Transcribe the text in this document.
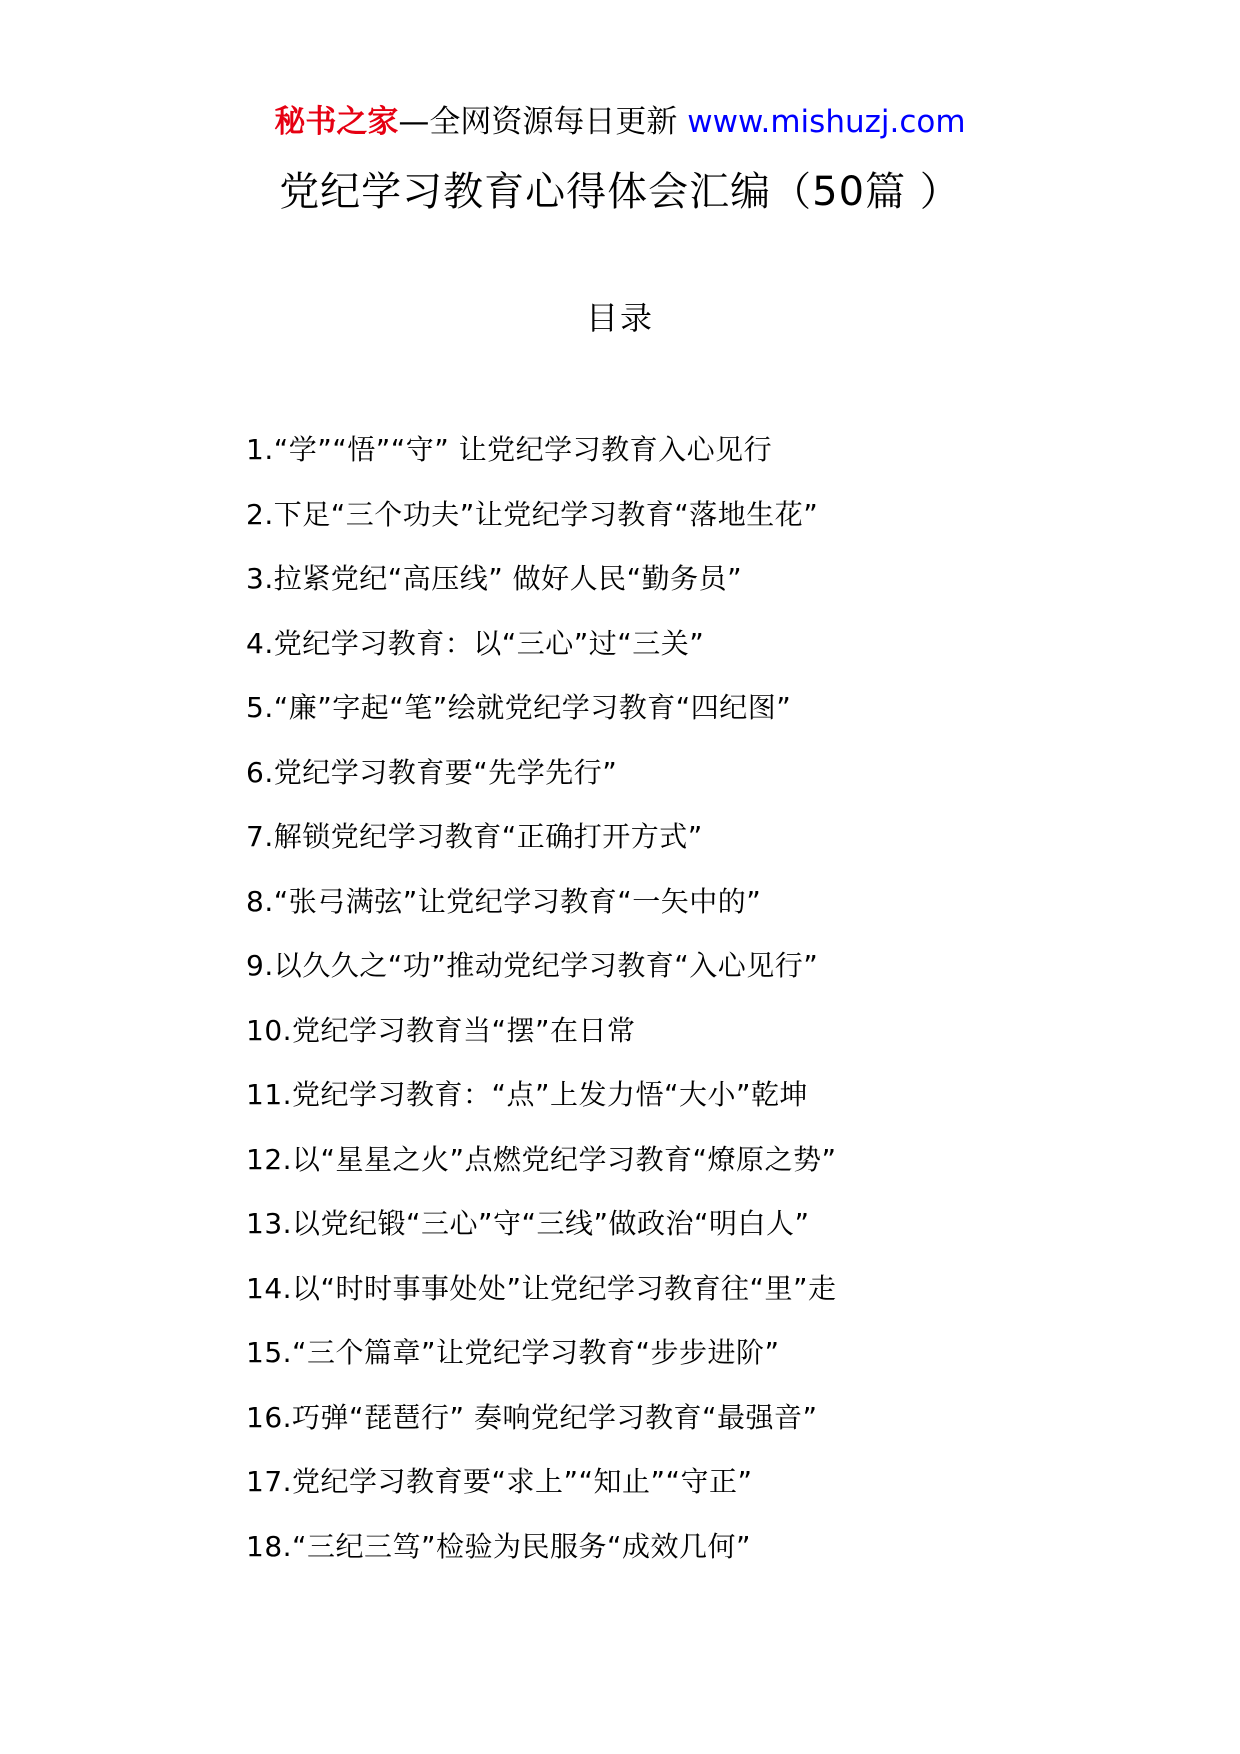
秘书之家—全网资源每日更新 www.mishuzj.com
党纪学习教育心得体会汇编（50篇 ）
目录
1.“学”“悟”“守” 让党纪学习教育入心见行
2.下足“三个功夫”让党纪学习教育“落地生花”
3.拉紧党纪“高压线” 做好人民“勤务员”
4.党纪学习教育：以“三心”过“三关”
5.“廉”字起“笔”绘就党纪学习教育“四纪图”
6.党纪学习教育要“先学先行”
7.解锁党纪学习教育“正确打开方式”
8.“张弓满弦”让党纪学习教育“一矢中的”
9.以久久之“功”推动党纪学习教育“入心见行”
10.党纪学习教育当“摆”在日常
11.党纪学习教育：“点”上发力悟“大小”乾坤
12.以“星星之火”点燃党纪学习教育“燎原之势”
13.以党纪锻“三心”守“三线”做政治“明白人”
14.以“时时事事处处”让党纪学习教育往“里”走
15.“三个篇章”让党纪学习教育“步步进阶”
16.巧弹“琵琶行” 奏响党纪学习教育“最强音”
17.党纪学习教育要“求上”“知止”“守正”
18.“三纪三笃”检验为民服务“成效几何”
